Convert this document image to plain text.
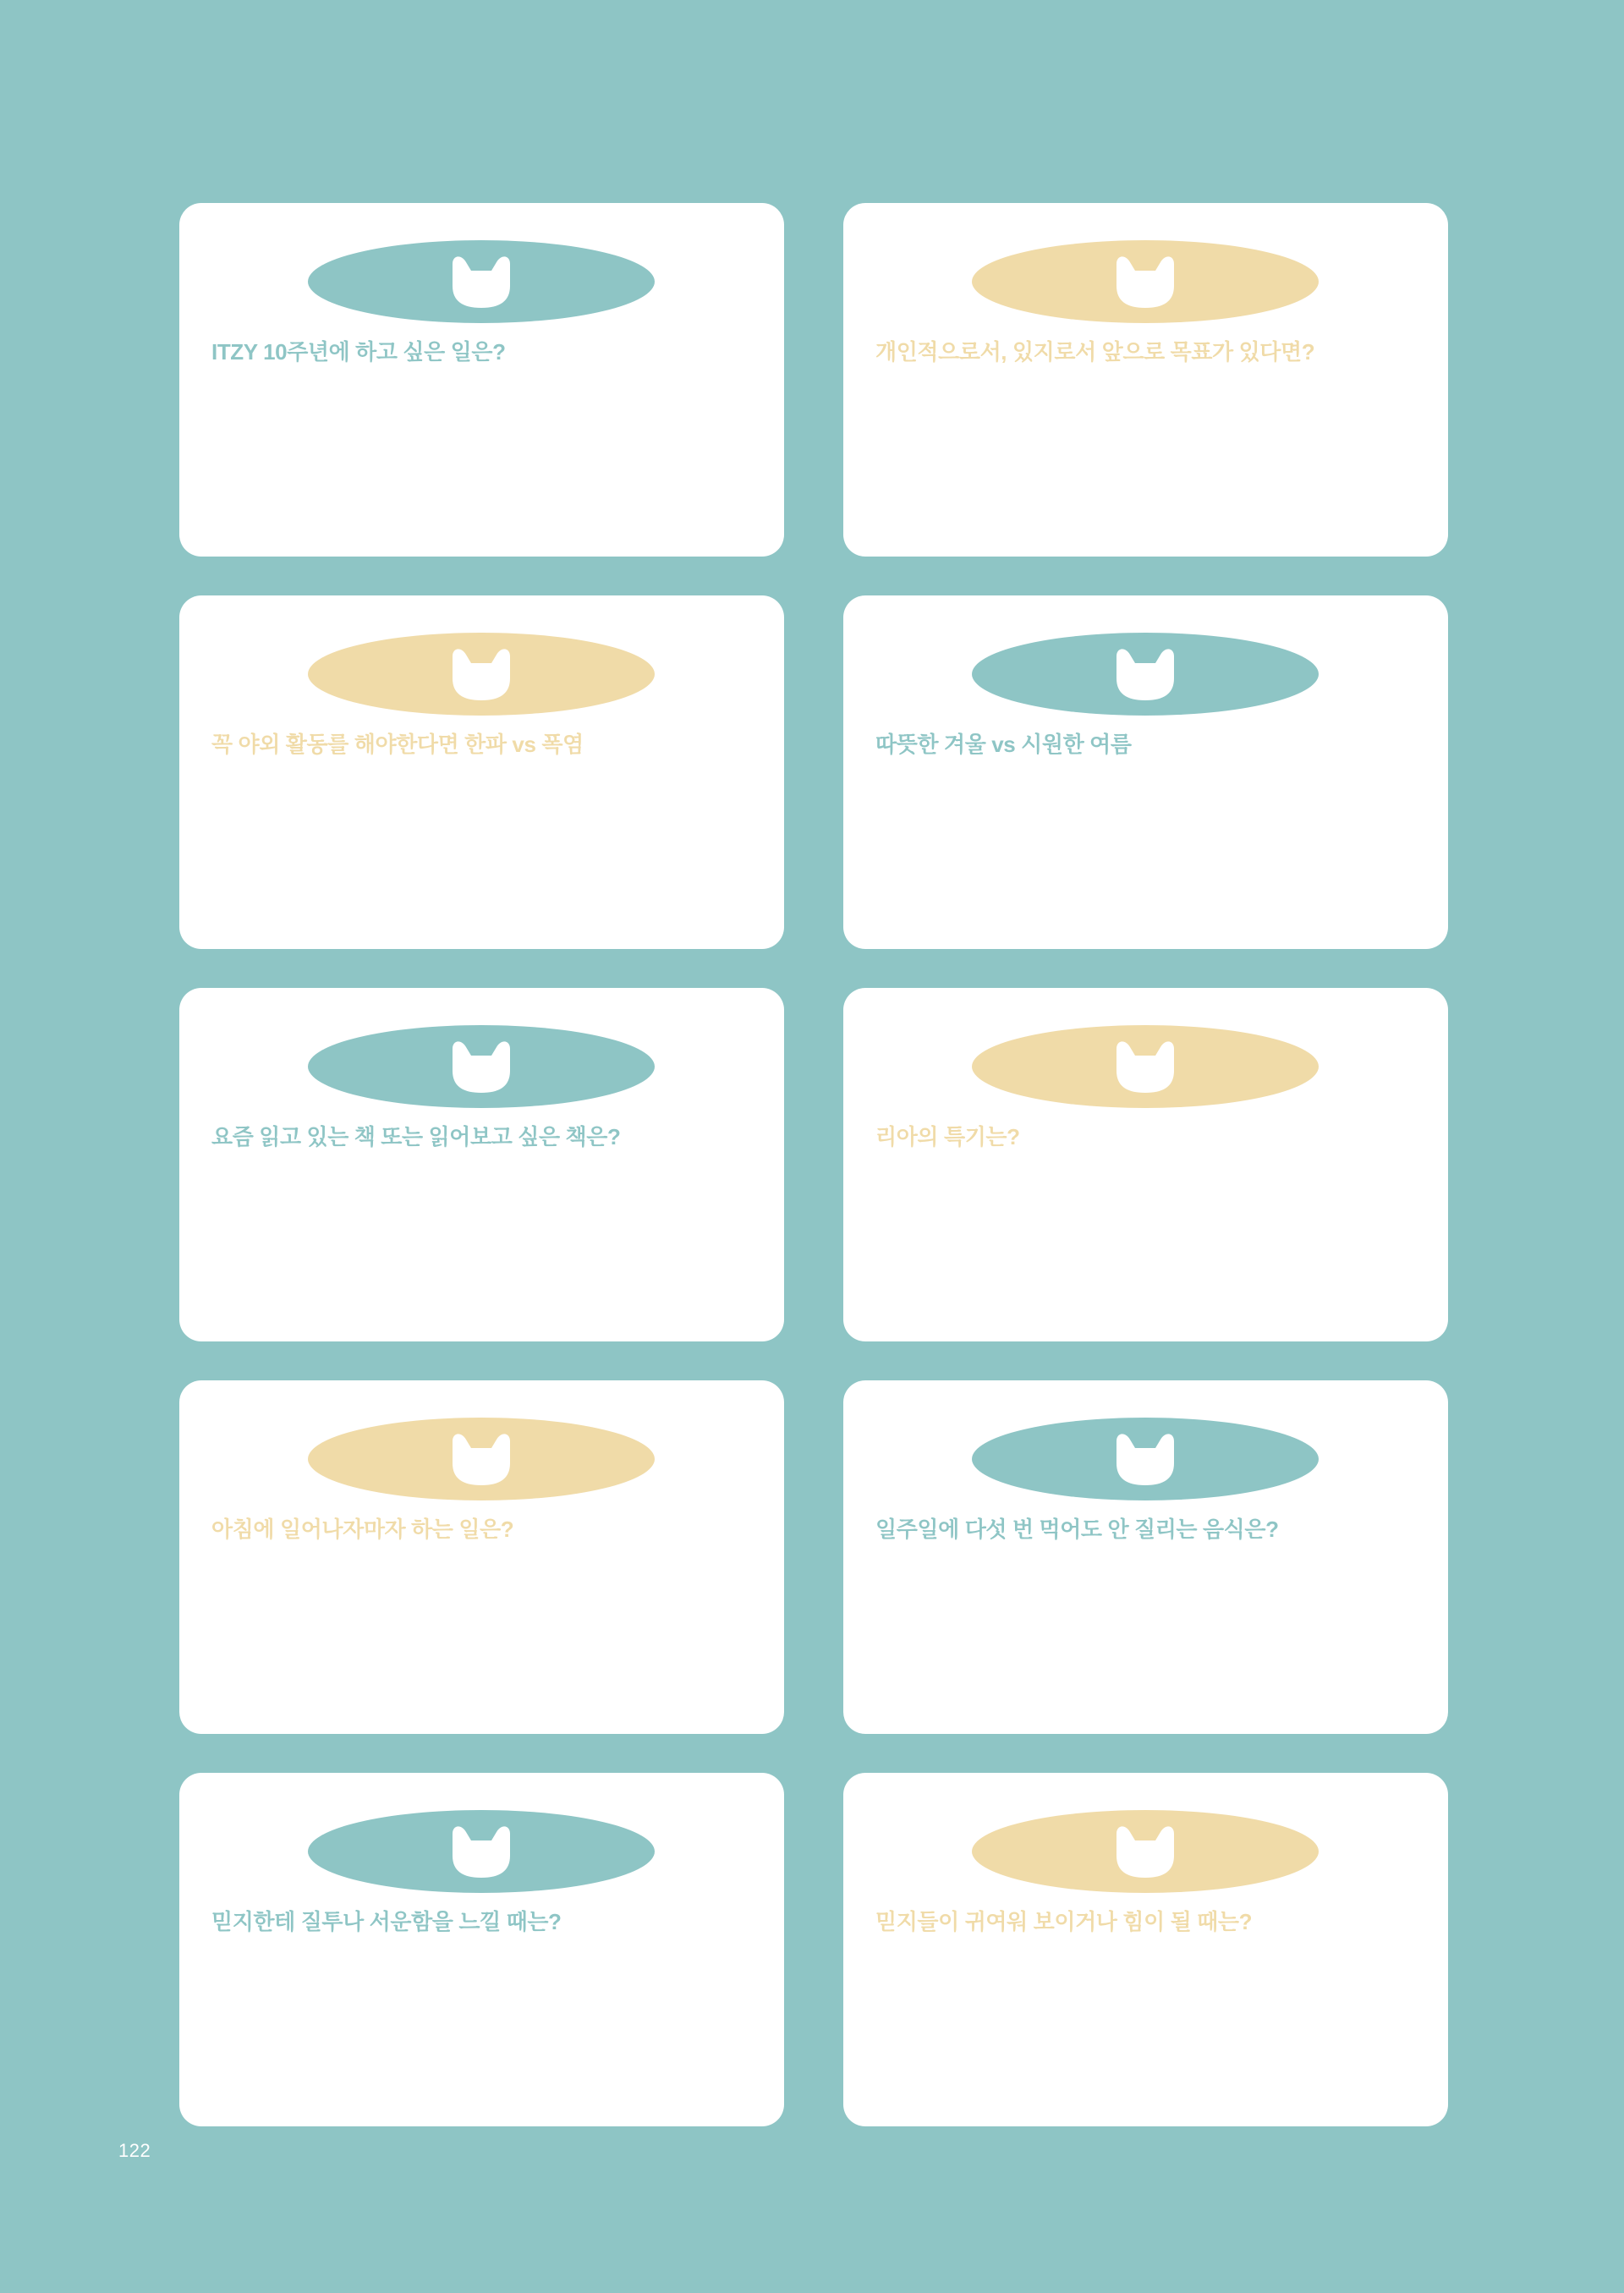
ITZY 10주년에 하고 싶은 일은?	개인적으로서, 있지로서 앞으로 목표가 있다면?
꼭 야외 활동를 해야한다면 한파 vs 폭염	따뜻한 겨울 vs 시원한 여름
요즘 읽고 있는 책 또는 읽어보고 싶은 책은?	리아의 특기는?
아침에 일어나자마자 하는 일은?	일주일에 다섯 번 먹어도 안 질리는 음식은?
믿지한테 질투나 서운함을 느낄 때는?	믿지들이 귀여워 보이거나 힘이 될 때는?
122
